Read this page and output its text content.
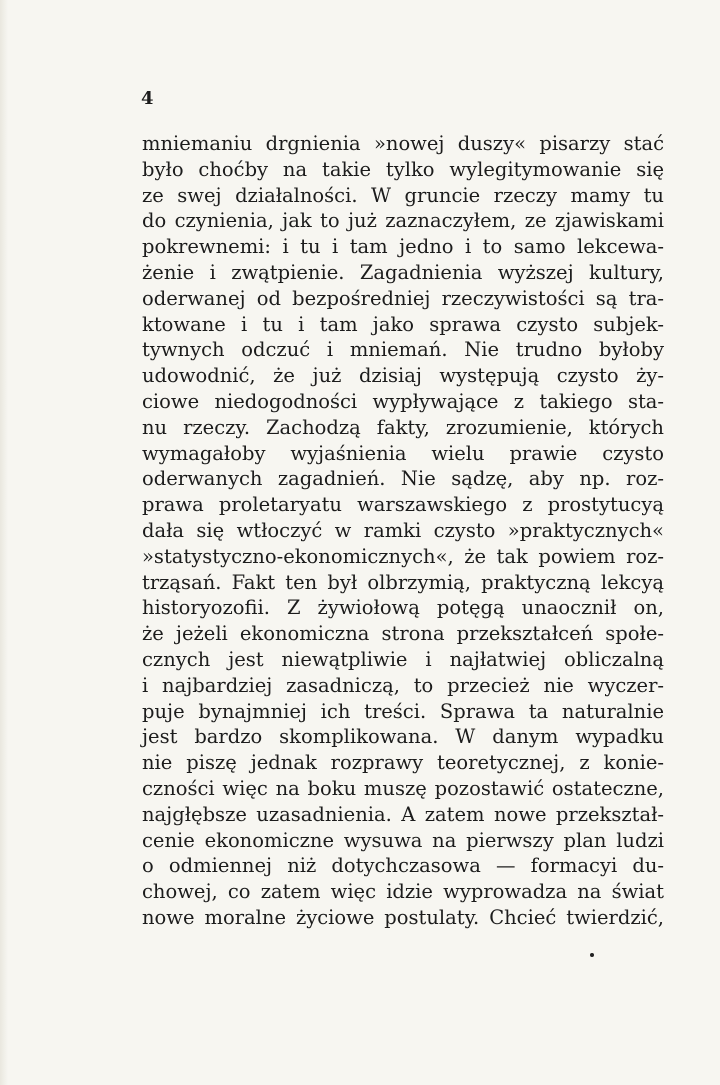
4
mniemaniu drgnienia »nowej duszy« pisarzy stać
było choćby na takie tylko wylegitymowanie się
ze swej działalności. W gruncie rzeczy mamy tu
do czynienia, jak to już zaznaczyłem, ze zjawiskami
pokrewnemi: i tu i tam jedno i to samo lekcewa-
żenie i zwątpienie. Zagadnienia wyższej kultury,
oderwanej od bezpośredniej rzeczywistości są tra-
ktowane i tu i tam jako sprawa czysto subjek-
tywnych odczuć i mniemań. Nie trudno byłoby
udowodnić, że już dzisiaj występują czysto ży-
ciowe niedogodności wypływające z takiego sta-
nu rzeczy. Zachodzą fakty, zrozumienie, których
wymagałoby wyjaśnienia wielu prawie czysto
oderwanych zagadnień. Nie sądzę, aby np. roz-
prawa proletaryatu warszawskiego z prostytucyą
dała się wtłoczyć w ramki czysto »praktycznych«
»statystyczno-ekonomicznych«, że tak powiem roz-
trząsań. Fakt ten był olbrzymią, praktyczną lekcyą
historyozofii. Z żywiołową potęgą unaocznił on,
że jeżeli ekonomiczna strona przekształceń społe-
cznych jest niewątpliwie i najłatwiej obliczalną
i najbardziej zasadniczą, to przecież nie wyczer-
puje bynajmniej ich treści. Sprawa ta naturalnie
jest bardzo skomplikowana. W danym wypadku
nie piszę jednak rozprawy teoretycznej, z konie-
czności więc na boku muszę pozostawić ostateczne,
najgłębsze uzasadnienia. A zatem nowe przekształ-
cenie ekonomiczne wysuwa na pierwszy plan ludzi
o odmiennej niż dotychczasowa — formacyi du-
chowej, co zatem więc idzie wyprowadza na świat
nowe moralne życiowe postulaty. Chcieć twierdzić,
